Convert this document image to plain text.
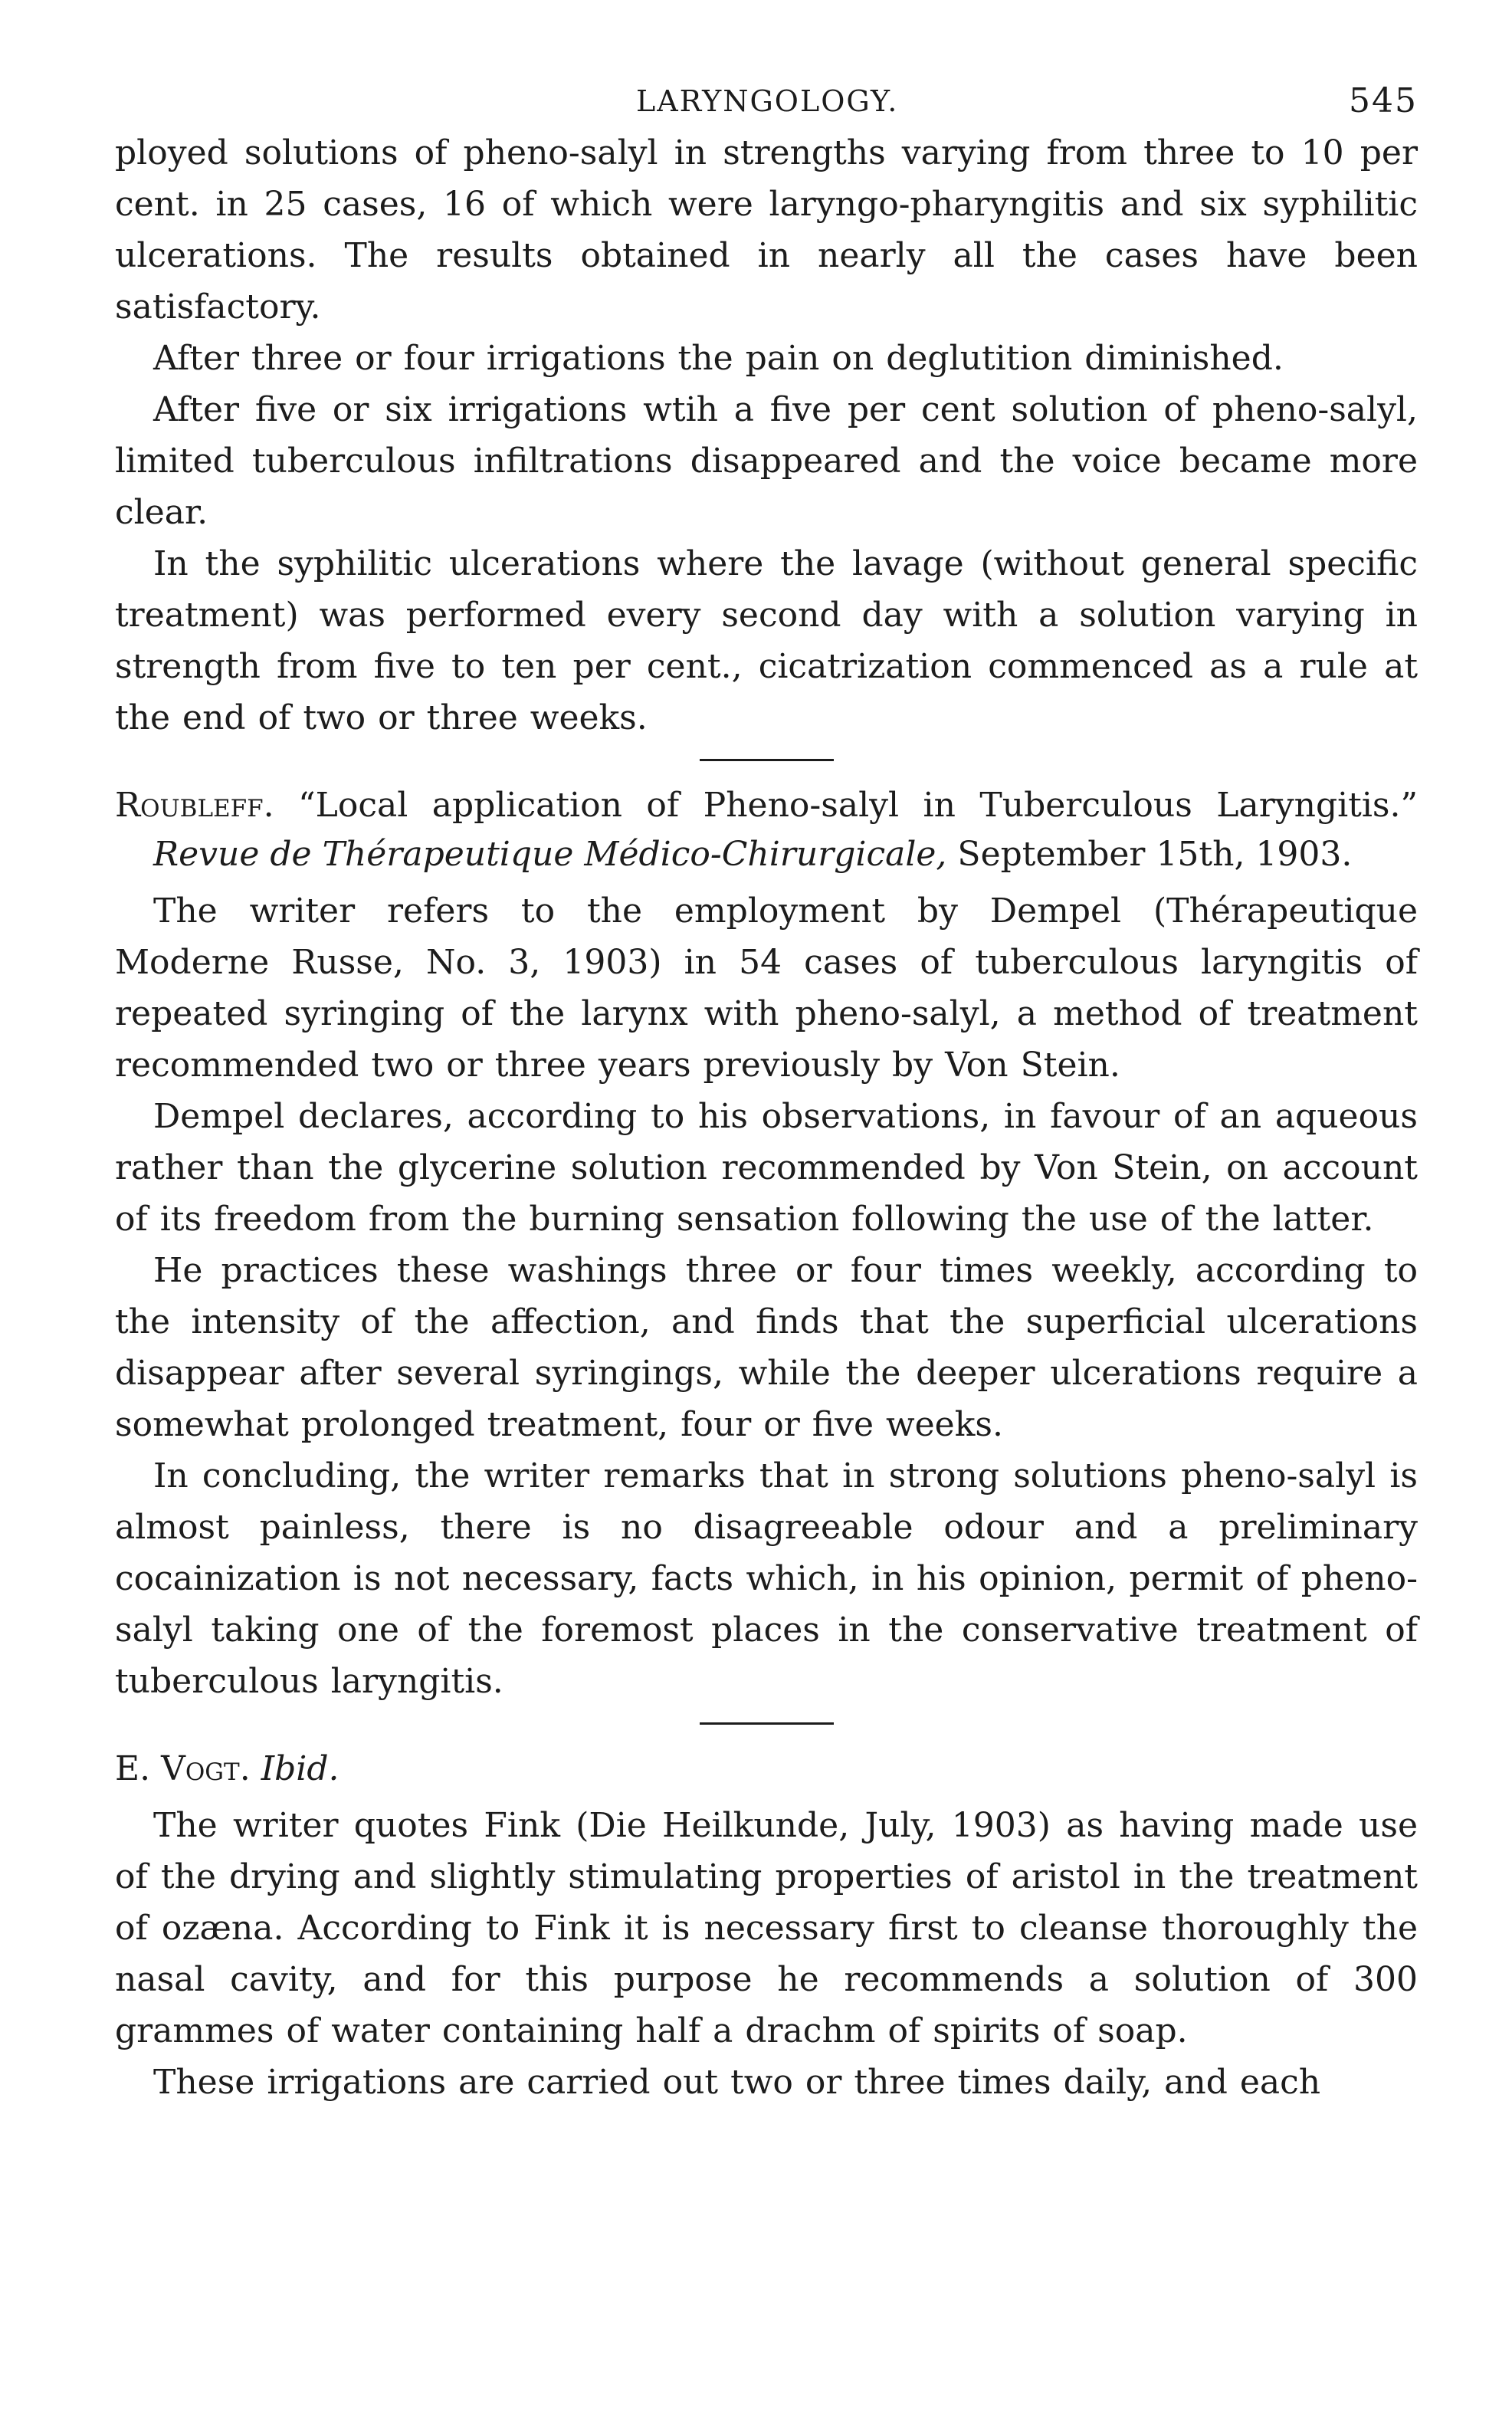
LARYNGOLOGY.	545

ployed solutions of pheno-salyl in strengths varying from three to 10 per cent. in 25 cases, 16 of which were laryngo-pharyngitis and six syphilitic ulcerations. The results obtained in nearly all the cases have been satisfactory.

After three or four irrigations the pain on deglutition diminished.

After five or six irrigations wtih a five per cent solution of pheno-salyl, limited tuberculous infiltrations disappeared and the voice became more clear.

In the syphilitic ulcerations where the lavage (without general specific treatment) was performed every second day with a solution varying in strength from five to ten per cent., cicatrization commenced as a rule at the end of two or three weeks.

Roubleff. “Local application of Pheno-salyl in Tuberculous Laryngitis.” Revue de Thérapeutique Médico-Chirurgicale, September 15th, 1903.

The writer refers to the employment by Dempel (Thérapeutique Moderne Russe, No. 3, 1903) in 54 cases of tuberculous laryngitis of repeated syringing of the larynx with pheno-salyl, a method of treatment recommended two or three years previously by Von Stein.

Dempel declares, according to his observations, in favour of an aqueous rather than the glycerine solution recommended by Von Stein, on account of its freedom from the burning sensation following the use of the latter.

He practices these washings three or four times weekly, according to the intensity of the affection, and finds that the superficial ulcerations disappear after several syringings, while the deeper ulcerations require a somewhat prolonged treatment, four or five weeks.

In concluding, the writer remarks that in strong solutions pheno-salyl is almost painless, there is no disagreeable odour and a preliminary cocainization is not necessary, facts which, in his opinion, permit of pheno-salyl taking one of the foremost places in the conservative treatment of tuberculous laryngitis.

E. Vogt. Ibid.

The writer quotes Fink (Die Heilkunde, July, 1903) as having made use of the drying and slightly stimulating properties of aristol in the treatment of ozæna. According to Fink it is necessary first to cleanse thoroughly the nasal cavity, and for this purpose he recommends a solution of 300 grammes of water containing half a drachm of spirits of soap.

These irrigations are carried out two or three times daily, and each
